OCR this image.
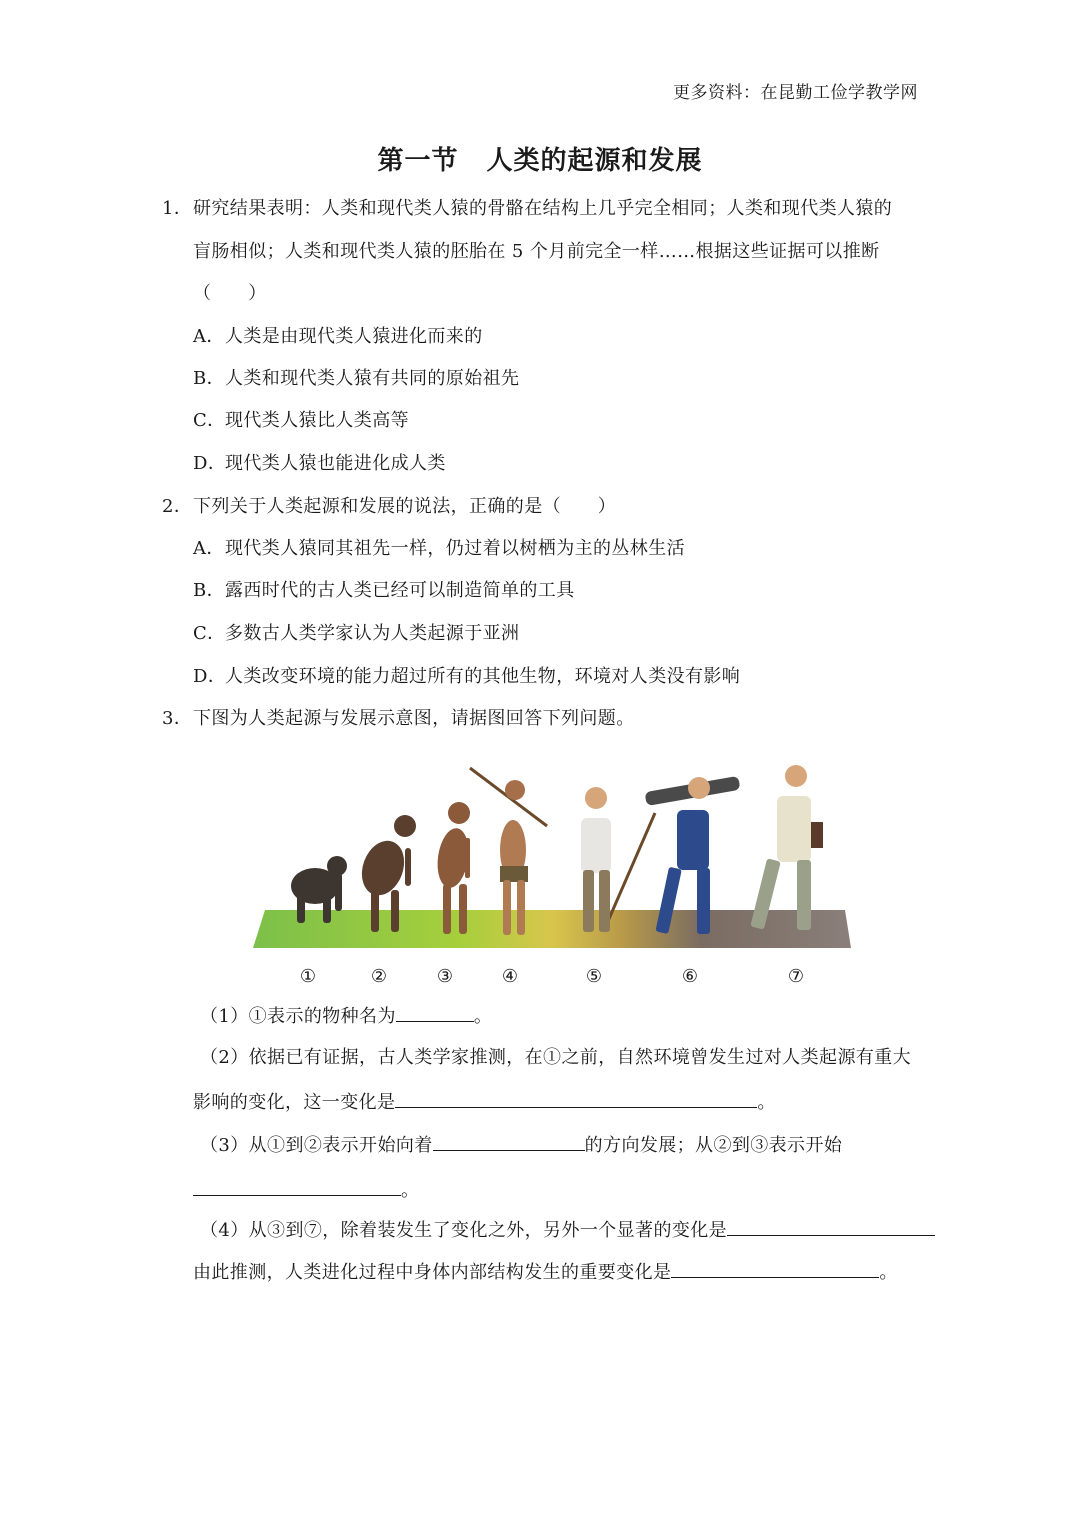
更多资料：在昆勤工俭学教学网
第一节 人类的起源和发展
1． 研究结果表明：人类和现代类人猿的骨骼在结构上几乎完全相同；人类和现代类人猿的
盲肠相似；人类和现代类人猿的胚胎在 5 个月前完全一样……根据这些证据可以推断
（　　）
A．人类是由现代类人猿进化而来的
B．人类和现代类人猿有共同的原始祖先
C．现代类人猿比人类高等
D．现代类人猿也能进化成人类
2． 下列关于人类起源和发展的说法，正确的是（　　）
A．现代类人猿同其祖先一样，仍过着以树栖为主的丛林生活
B．露西时代的古人类已经可以制造简单的工具
C．多数古人类学家认为人类起源于亚洲
D．人类改变环境的能力超过所有的其他生物，环境对人类没有影响
3． 下图为人类起源与发展示意图，请据图回答下列问题。
①	②	③	④	⑤	⑥	⑦
（1）①表示的物种名为	。
（2）依据已有证据，古人类学家推测，在①之前，自然环境曾发生过对人类起源有重大
影响的变化，这一变化是	。
（3）从①到②表示开始向着	的方向发展；从②到③表示开始
。
（4）从③到⑦，除着装发生了变化之外，另外一个显著的变化是
由此推测，人类进化过程中身体内部结构发生的重要变化是	。
